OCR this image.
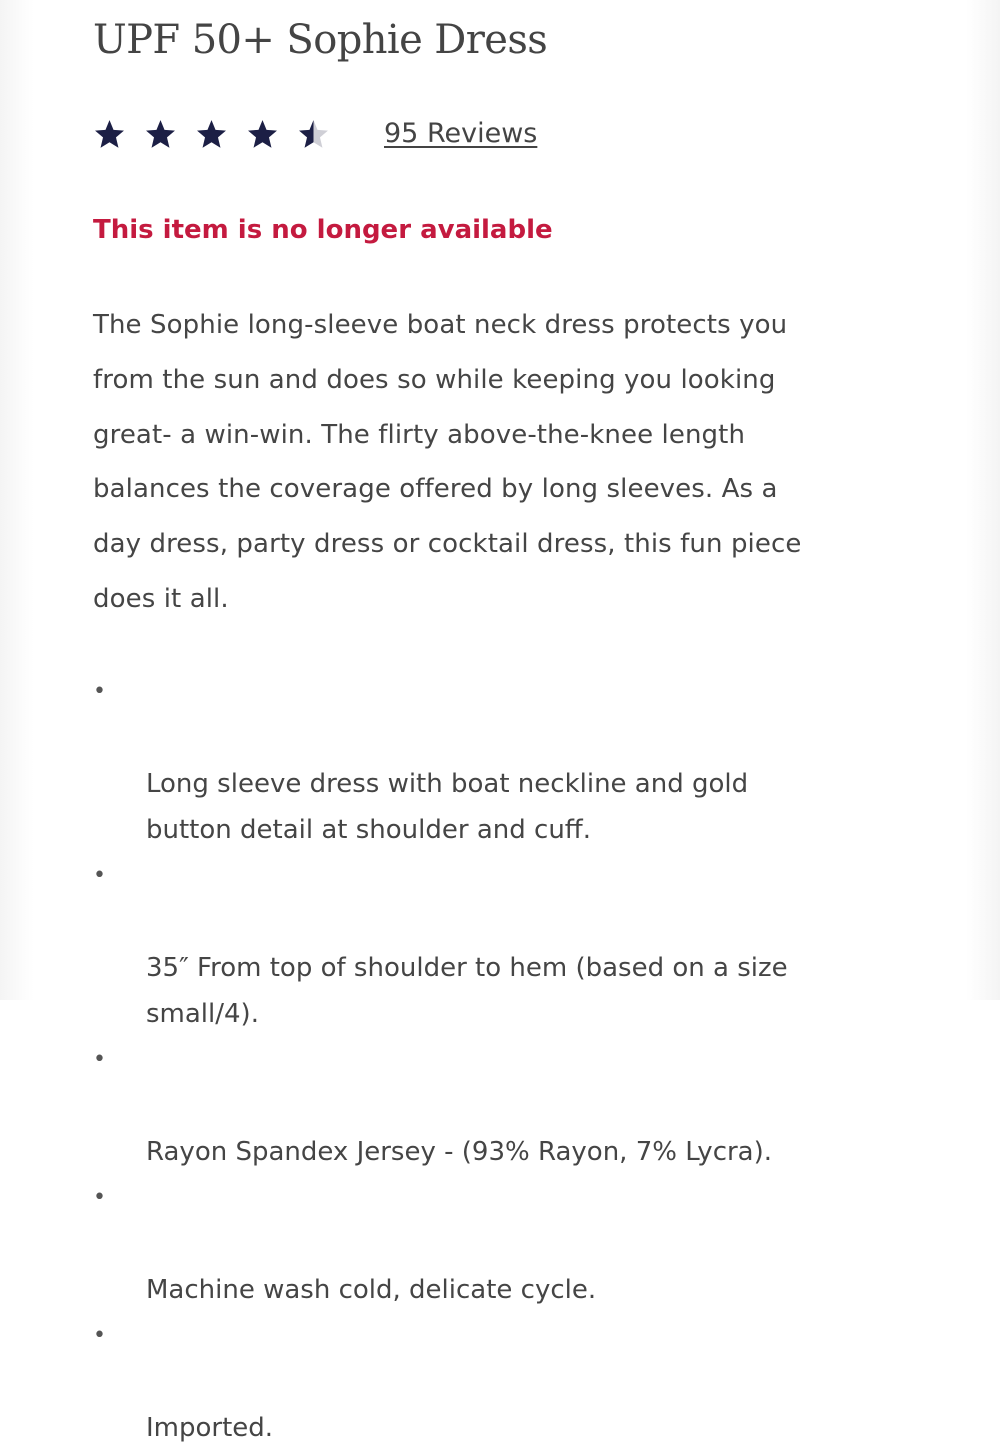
UPF 50+ Sophie Dress
95 Reviews

This item is no longer available

The Sophie long-sleeve boat neck dress protects you
from the sun and does so while keeping you looking
great- a win-win. The flirty above-the-knee length
balances the coverage offered by long sleeves. As a
day dress, party dress or cocktail dress, this fun piece
does it all.

•

Long sleeve dress with boat neckline and gold
button detail at shoulder and cuff.

•

35″ From top of shoulder to hem (based on a size
small/4).

•

Rayon Spandex Jersey - (93% Rayon, 7% Lycra).

•

Machine wash cold, delicate cycle.

•

Imported.
